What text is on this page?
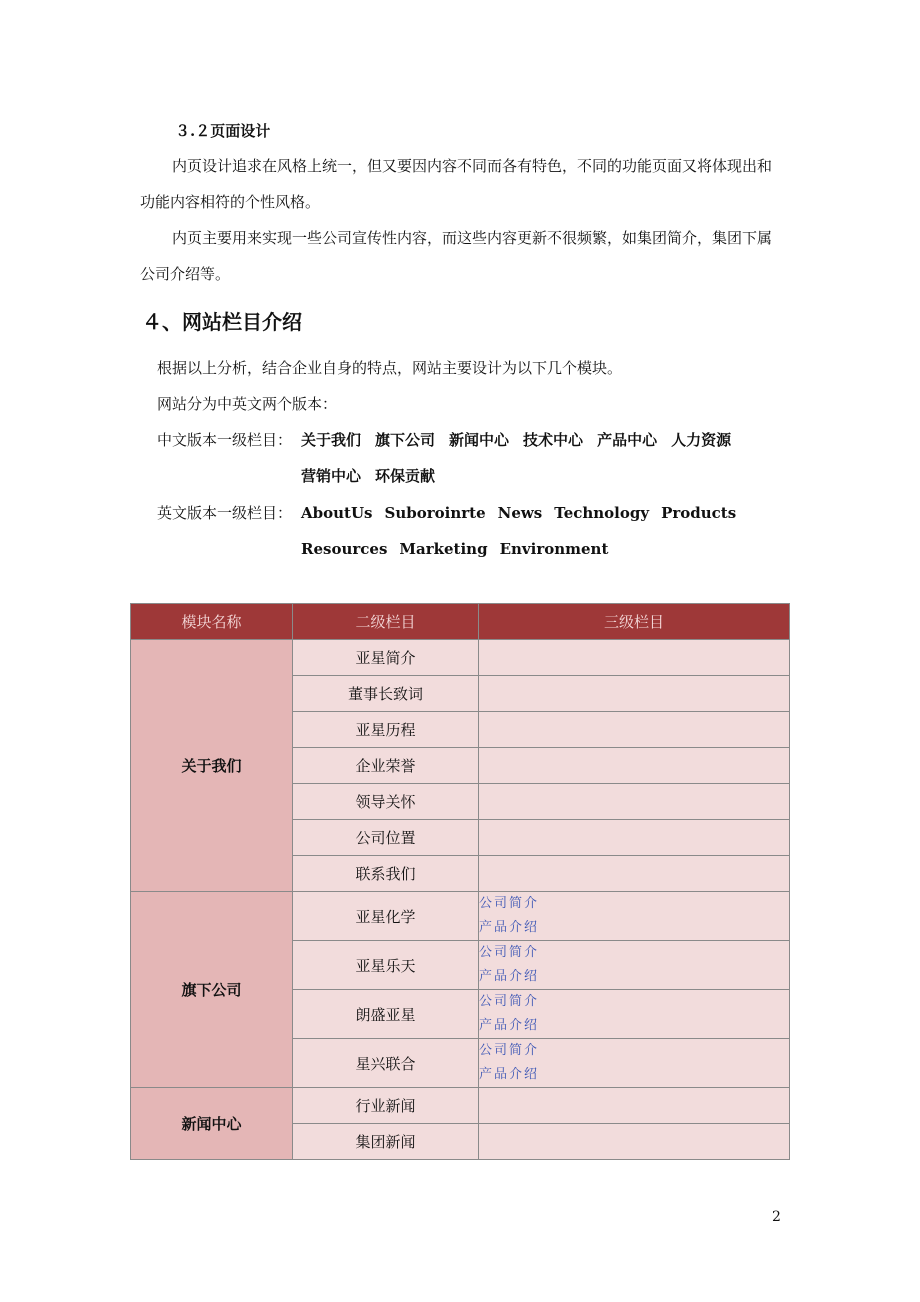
３.２页面设计
内页设计追求在风格上统一，但又要因内容不同而各有特色，不同的功能页面又将体现出和功能内容相符的个性风格。
内页主要用来实现一些公司宣传性内容，而这些内容更新不很频繁，如集团简介，集团下属公司介绍等。
４、网站栏目介绍
根据以上分析，结合企业自身的特点，网站主要设计为以下几个模块。
网站分为中英文两个版本：
中文版本一级栏目： 关于我们 旗下公司 新闻中心 技术中心 产品中心 人力资源营销中心 环保贡献
英文版本一级栏目： AboutUs Suboroinrte News Technology ProductsResources Marketing Environment
模块名称	二级栏目	三级栏目
关于我们	亚星简介	
	董事长致词	
	亚星历程	
	企业荣誉	
	领导关怀	
	公司位置	
	联系我们	
旗下公司	亚星化学	公司简介
产品介绍

	亚星乐天	公司简介
产品介绍

	朗盛亚星	公司简介
产品介绍

	星兴联合	公司简介
产品介绍

新闻中心	行业新闻	
	集团新闻	
2
